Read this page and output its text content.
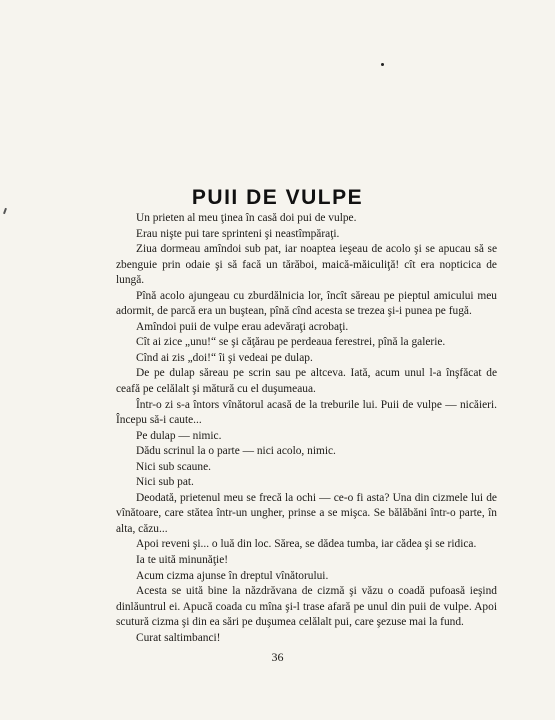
PUII DE VULPE

Un prieten al meu ţinea în casă doi pui de vulpe.

Erau nişte pui tare sprinteni şi neastîmpăraţi.

Ziua dormeau amîndoi sub pat, iar noaptea ieşeau de acolo şi se apucau să se zbenguie prin odaie şi să facă un tărăboi, maică-măiculiţă! cît era nopticica de lungă.

Pînă acolo ajungeau cu zburdălnicia lor, încît săreau pe pieptul amicului meu adormit, de parcă era un buştean, pînă cînd acesta se trezea şi-i punea pe fugă.

Amîndoi puii de vulpe erau adevăraţi acrobaţi.

Cît ai zice „unu!“ se şi căţărau pe perdeaua ferestrei, pînă la galerie.

Cînd ai zis „doi!“ îi şi vedeai pe dulap.

De pe dulap săreau pe scrin sau pe altceva. Iată, acum unul l-a înşfăcat de ceafă pe celălalt şi mătură cu el duşumeaua.

Într-o zi s-a întors vînătorul acasă de la treburile lui. Puii de vulpe — nicăieri. Începu să-i caute...

Pe dulap — nimic.

Dădu scrinul la o parte — nici acolo, nimic.

Nici sub scaune.

Nici sub pat.

Deodată, prietenul meu se frecă la ochi — ce-o fi asta? Una din cizmele lui de vînătoare, care stătea într-un ungher, prinse a se mişca. Se bălăbăni într-o parte, în alta, căzu...

Apoi reveni şi... o luă din loc. Sărea, se dădea tumba, iar cădea şi se ridica.

Ia te uită minunăţie!

Acum cizma ajunse în dreptul vînătorului.

Acesta se uită bine la năzdrăvana de cizmă şi văzu o coadă pufoasă ieşind dinlăuntrul ei. Apucă coada cu mîna şi-l trase afară pe unul din puii de vulpe. Apoi scutură cizma şi din ea sări pe duşumea celălalt pui, care şezuse mai la fund.

Curat saltimbanci!

36
